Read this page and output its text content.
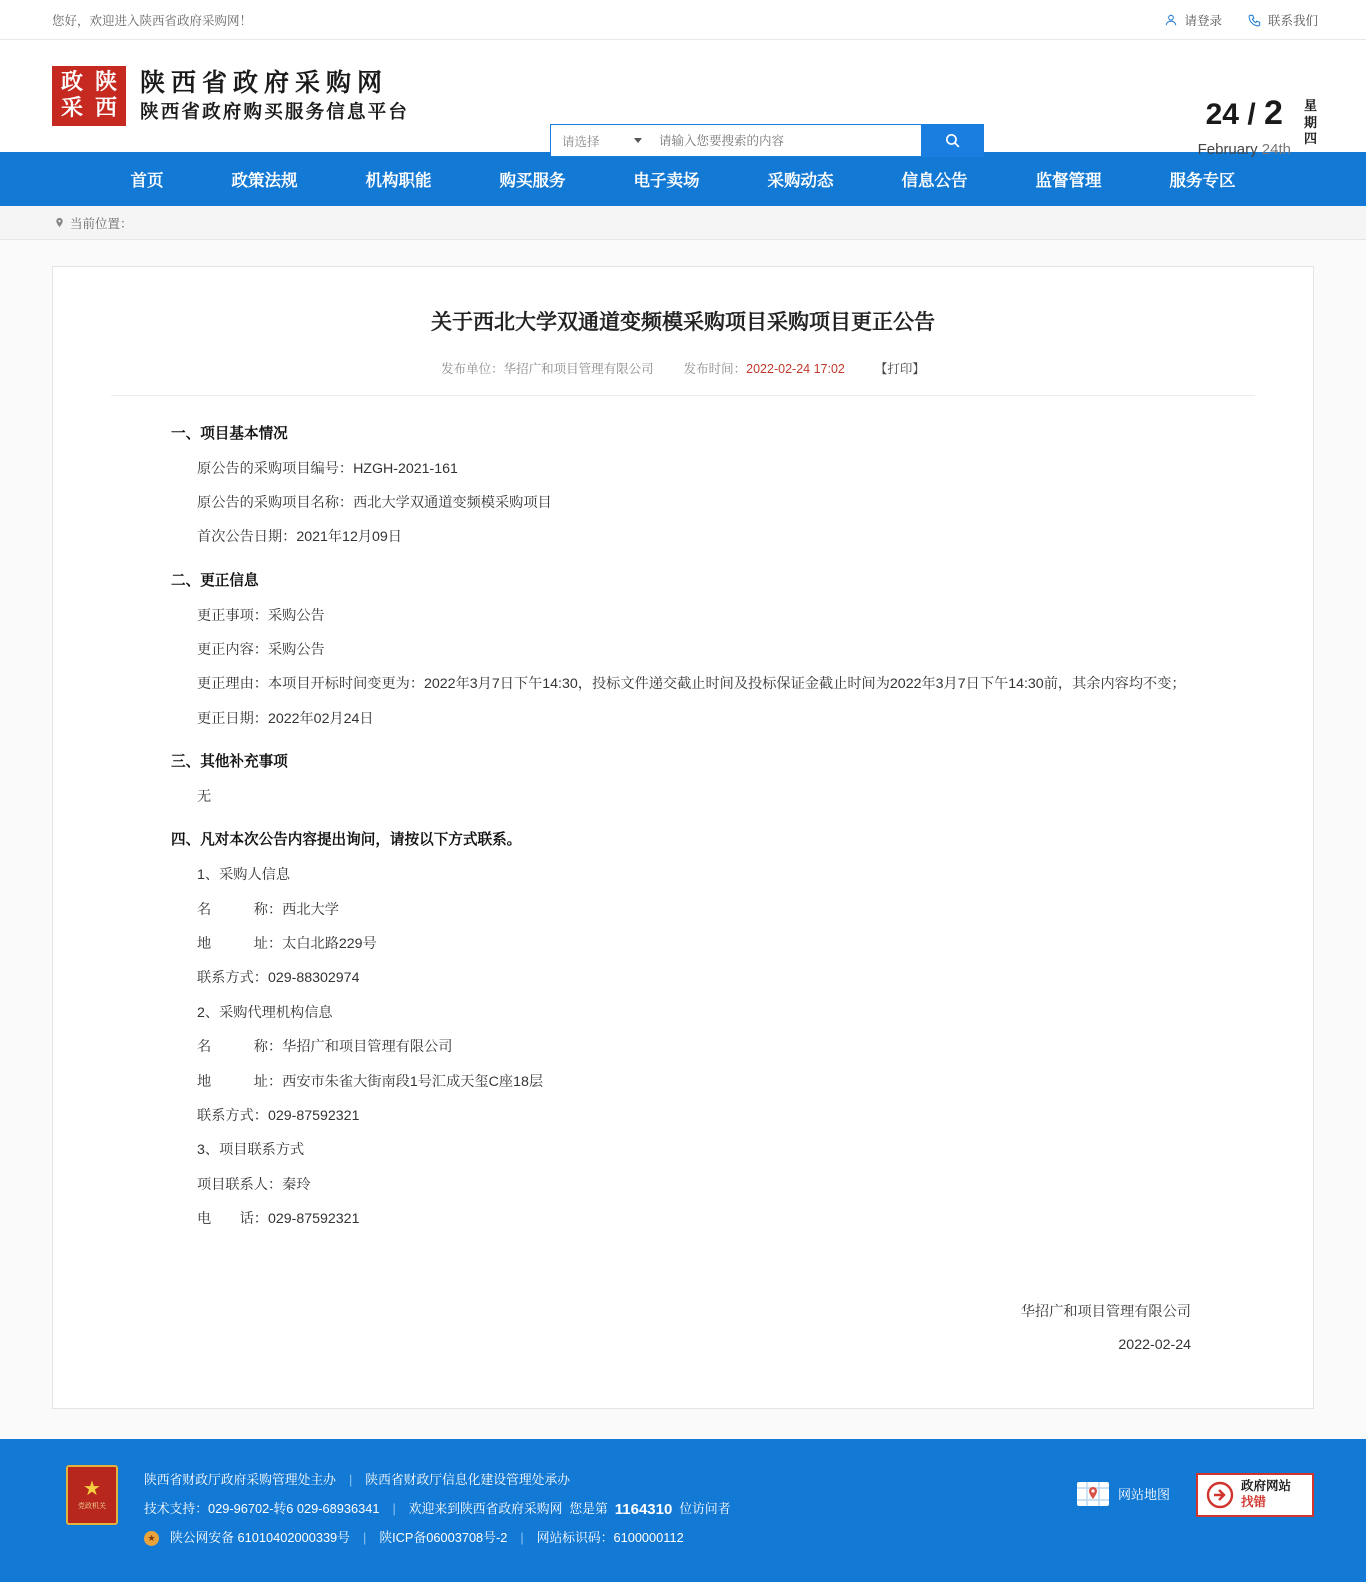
您好，欢迎进入陕西省政府采购网！	请登录	联系我们
政 陕
采 西
陕西省政府采购网
陕西省政府购买服务信息平台
请选择
请输入您要搜索的内容
24 / 2
February 24th
星期四
首页	政策法规	机构职能	购买服务	电子卖场	采购动态	信息公告	监督管理	服务专区
当前位置：
关于西北大学双通道变频模采购项目采购项目更正公告
发布单位：华招广和项目管理有限公司 发布时间：2022-02-24 17:02 【打印】
一、项目基本情况
原公告的采购项目编号：HZGH-2021-161
原公告的采购项目名称：西北大学双通道变频模采购项目
首次公告日期：2021年12月09日
二、更正信息
更正事项：采购公告
更正内容：采购公告
更正理由：本项目开标时间变更为：2022年3月7日下午14:30，投标文件递交截止时间及投标保证金截止时间为2022年3月7日下午14:30前，其余内容均不变；
更正日期：2022年02月24日
三、其他补充事项
无
四、凡对本次公告内容提出询问，请按以下方式联系。
1、采购人信息
名　　　称：西北大学
地　　　址：太白北路229号
联系方式：029-88302974
2、采购代理机构信息
名　　　称：华招广和项目管理有限公司
地　　　址：西安市朱雀大街南段1号汇成天玺C座18层
联系方式：029-87592321
3、项目联系方式
项目联系人：秦玲
电　　话：029-87592321
华招广和项目管理有限公司
2022-02-24
★
党政机关
陕西省财政厅政府采购管理处主办	|	陕西省财政厅信息化建设管理处承办
技术支持：029-96702-转6 029-68936341	|	欢迎来到陕西省政府采购网 您是第 1164310 位访问者
★ 陕公网安备 61010402000339号	|	陕ICP备06003708号-2	|	网站标识码：6100000112
网站地图
政府网站
找错
